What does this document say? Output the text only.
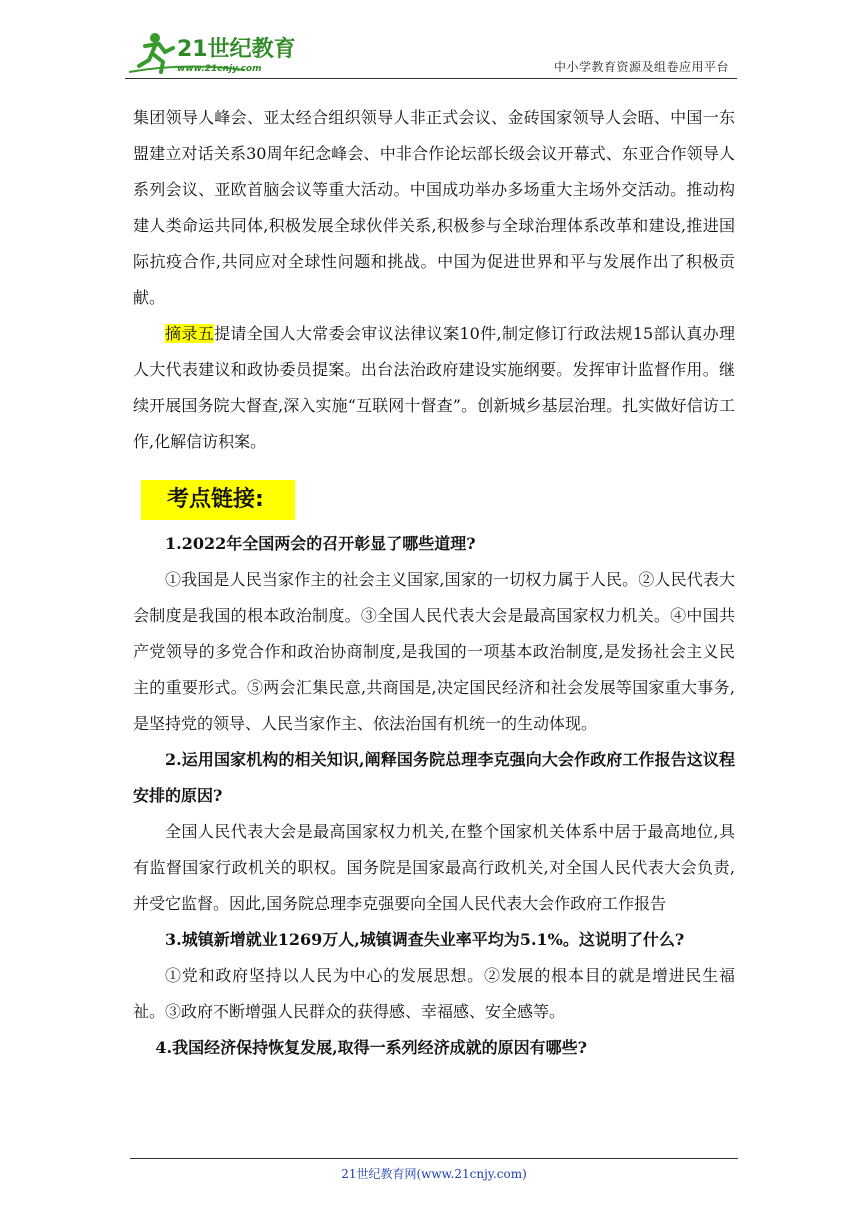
21世纪教育
www.21cnjy.com	中小学教育资源及组卷应用平台

集团领导人峰会、亚太经合组织领导人非正式会议、金砖国家领导人会晤、中国一东盟建立对话关系30周年纪念峰会、中非合作论坛部长级会议开幕式、东亚合作领导人系列会议、亚欧首脑会议等重大活动。中国成功举办多场重大主场外交活动。推动构建人类命运共同体,积极发展全球伙伴关系,积极参与全球治理体系改革和建设,推进国际抗疫合作,共同应对全球性问题和挑战。中国为促进世界和平与发展作出了积极贡献。

摘录五提请全国人大常委会审议法律议案10件,制定修订行政法规15部认真办理人大代表建议和政协委员提案。出台法治政府建设实施纲要。发挥审计监督作用。继续开展国务院大督查,深入实施“互联网十督查”。创新城乡基层治理。扎实做好信访工作,化解信访积案。

考点链接:

1.2022年全国两会的召开彰显了哪些道理?

①我国是人民当家作主的社会主义国家,国家的一切权力属于人民。②人民代表大会制度是我国的根本政治制度。③全国人民代表大会是最高国家权力机关。④中国共产党领导的多党合作和政治协商制度,是我国的一项基本政治制度,是发扬社会主义民主的重要形式。⑤两会汇集民意,共商国是,决定国民经济和社会发展等国家重大事务,是坚持党的领导、人民当家作主、依法治国有机统一的生动体现。

2.运用国家机构的相关知识,阐释国务院总理李克强向大会作政府工作报告这议程安排的原因?

全国人民代表大会是最高国家权力机关,在整个国家机关体系中居于最高地位,具有监督国家行政机关的职权。国务院是国家最高行政机关,对全国人民代表大会负责,并受它监督。因此,国务院总理李克强要向全国人民代表大会作政府工作报告

3.城镇新增就业1269万人,城镇调查失业率平均为5.1%。这说明了什么?

①党和政府坚持以人民为中心的发展思想。②发展的根本目的就是增进民生福祉。③政府不断增强人民群众的获得感、幸福感、安全感等。

4.我国经济保持恢复发展,取得一系列经济成就的原因有哪些?

21世纪教育网(www.21cnjy.com)
